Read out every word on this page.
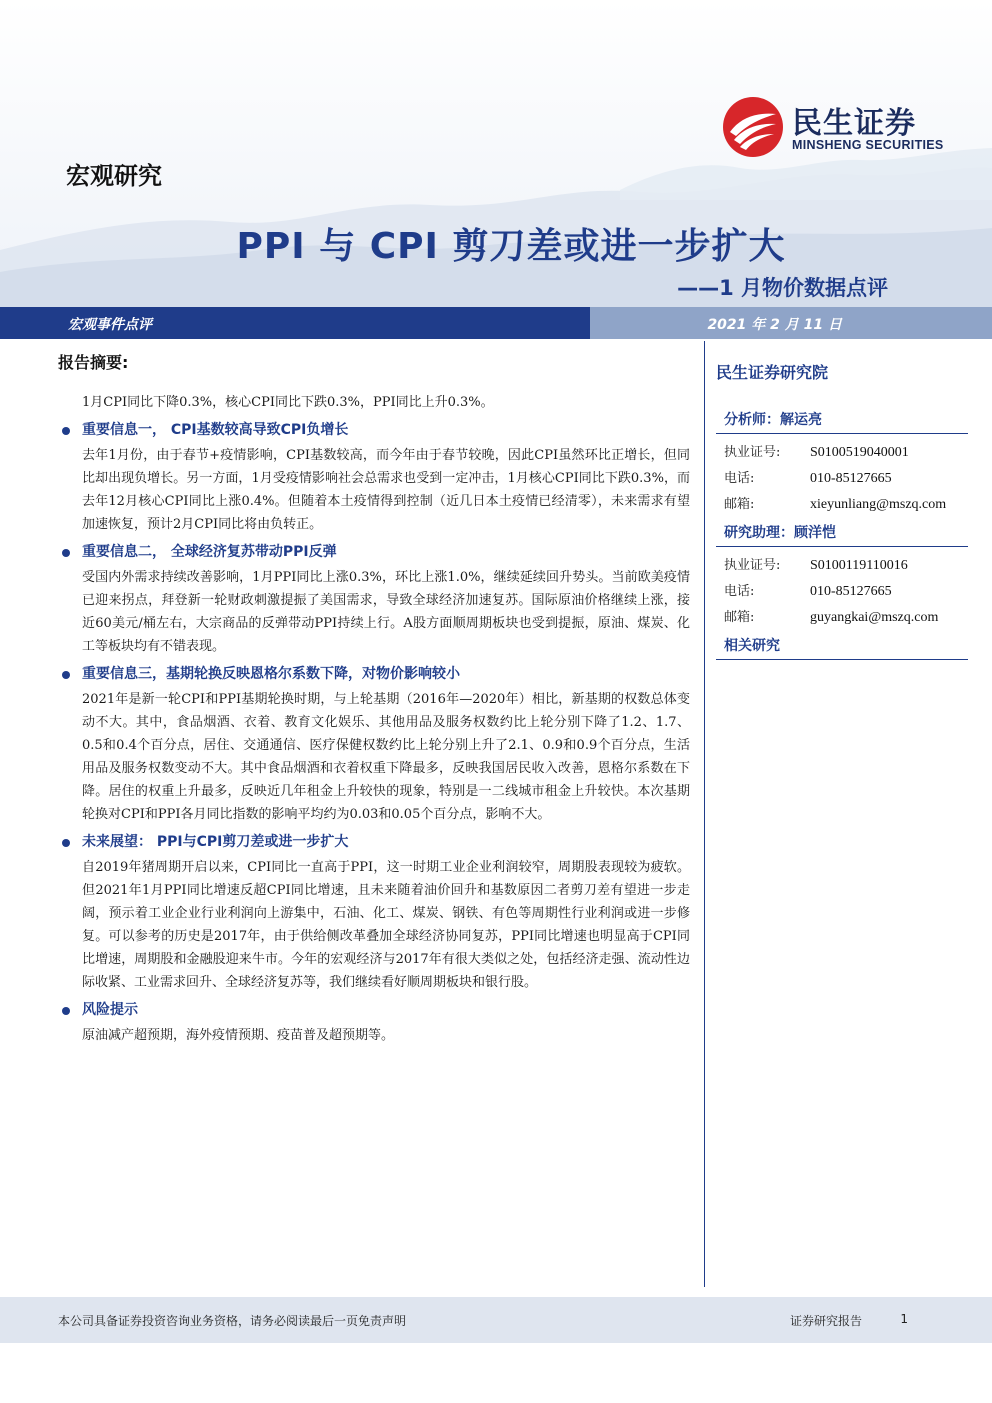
民生证券
MINSHENG SECURITIES
宏观研究
PPI 与 CPI 剪刀差或进一步扩大
——1 月物价数据点评
宏观事件点评	2021 年 2 月 11 日
报告摘要:
1月CPI同比下降0.3%，核心CPI同比下跌0.3%，PPI同比上升0.3%。
重要信息一， CPI基数较高导致CPI负增长

去年1月份，由于春节+疫情影响，CPI基数较高，而今年由于春节较晚，因此CPI虽然环比正增长，但同比却出现负增长。另一方面，1月受疫情影响社会总需求也受到一定冲击，1月核心CPI同比下跌0.3%，而去年12月核心CPI同比上涨0.4%。但随着本土疫情得到控制（近几日本土疫情已经清零），未来需求有望加速恢复，预计2月CPI同比将由负转正。

重要信息二， 全球经济复苏带动PPI反弹

受国内外需求持续改善影响，1月PPI同比上涨0.3%，环比上涨1.0%，继续延续回升势头。当前欧美疫情已迎来拐点，拜登新一轮财政刺激提振了美国需求，导致全球经济加速复苏。国际原油价格继续上涨，接近60美元/桶左右，大宗商品的反弹带动PPI持续上行。A股方面顺周期板块也受到提振，原油、煤炭、化工等板块均有不错表现。

重要信息三，基期轮换反映恩格尔系数下降，对物价影响较小

2021年是新一轮CPI和PPI基期轮换时期，与上轮基期（2016年—2020年）相比，新基期的权数总体变动不大。其中，食品烟酒、衣着、教育文化娱乐、其他用品及服务权数约比上轮分别下降了1.2、1.7、0.5和0.4个百分点，居住、交通通信、医疗保健权数约比上轮分别上升了2.1、0.9和0.9个百分点，生活用品及服务权数变动不大。其中食品烟酒和衣着权重下降最多，反映我国居民收入改善，恩格尔系数在下降。居住的权重上升最多，反映近几年租金上升较快的现象，特别是一二线城市租金上升较快。本次基期轮换对CPI和PPI各月同比指数的影响平均约为0.03和0.05个百分点，影响不大。

未来展望： PPI与CPI剪刀差或进一步扩大

自2019年猪周期开启以来，CPI同比一直高于PPI，这一时期工业企业利润较窄，周期股表现较为疲软。但2021年1月PPI同比增速反超CPI同比增速，且未来随着油价回升和基数原因二者剪刀差有望进一步走阔，预示着工业企业行业利润向上游集中，石油、化工、煤炭、钢铁、有色等周期性行业利润或进一步修复。可以参考的历史是2017年，由于供给侧改革叠加全球经济协同复苏，PPI同比增速也明显高于CPI同比增速，周期股和金融股迎来牛市。今年的宏观经济与2017年有很大类似之处，包括经济走强、流动性边际收紧、工业需求回升、全球经济复苏等，我们继续看好顺周期板块和银行股。

风险提示

原油减产超预期，海外疫情预期、疫苗普及超预期等。

民生证券研究院
分析师：解运亮
执业证号:	S0100519040001
电话:	010-85127665
邮箱:	xieyunliang@mszq.com
研究助理：顾洋恺
执业证号:	S0100119110016
电话:	010-85127665
邮箱:	guyangkai@mszq.com
相关研究
本公司具备证券投资咨询业务资格，请务必阅读最后一页免责声明	证券研究报告	1
